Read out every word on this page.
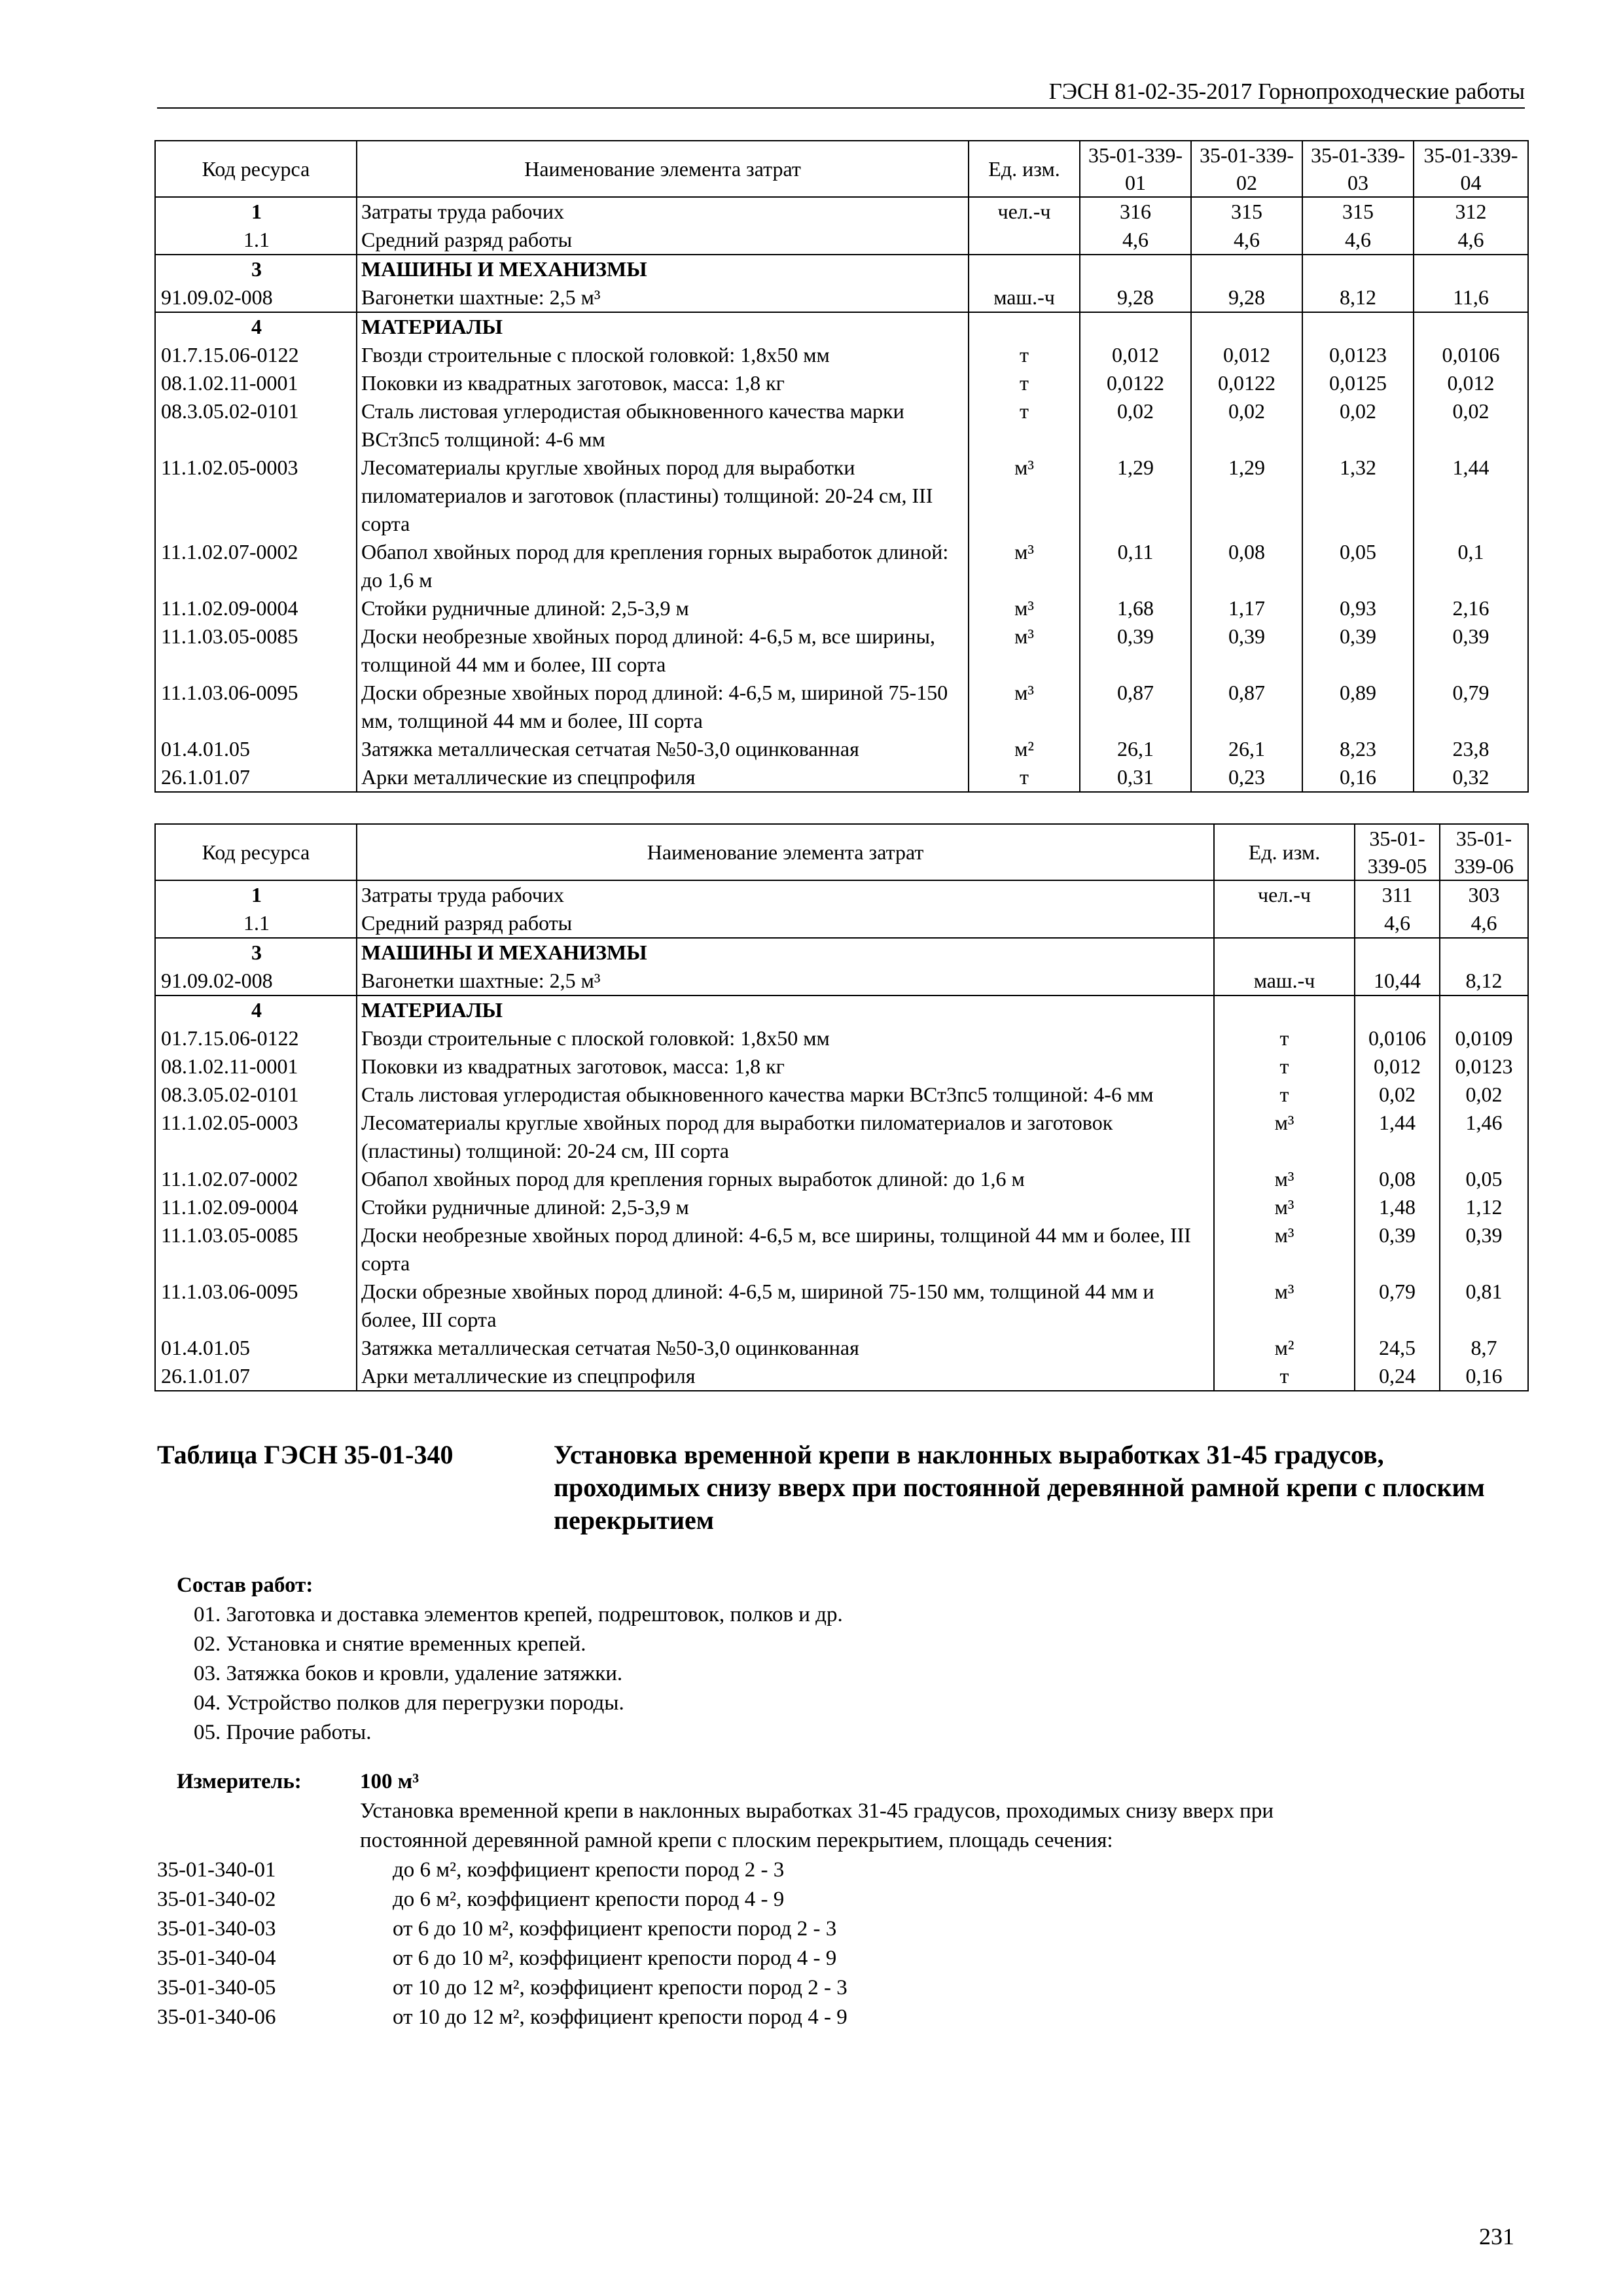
ГЭСН 81-02-35-2017 Горнопроходческие работы
Код ресурса	Наименование элемента затрат	Ед. изм.	35-01-339-01	35-01-339-02	35-01-339-03	35-01-339-04
1	Затраты труда рабочих	чел.-ч	316	315	315	312
1.1	Средний разряд работы		4,6	4,6	4,6	4,6
3	МАШИНЫ И МЕХАНИЗМЫ					
91.09.02-008	Вагонетки шахтные: 2,5 м³	маш.-ч	9,28	9,28	8,12	11,6
4	МАТЕРИАЛЫ					
01.7.15.06-0122	Гвозди строительные с плоской головкой: 1,8x50 мм	т	0,012	0,012	0,0123	0,0106
08.1.02.11-0001	Поковки из квадратных заготовок, масса: 1,8 кг	т	0,0122	0,0122	0,0125	0,012
08.3.05.02-0101	Сталь листовая углеродистая обыкновенного качества марки ВСт3пс5 толщиной: 4-6 мм	т	0,02	0,02	0,02	0,02
11.1.02.05-0003	Лесоматериалы круглые хвойных пород для выработки пиломатериалов и заготовок (пластины) толщиной: 20-24 см, III сорта	м³	1,29	1,29	1,32	1,44
11.1.02.07-0002	Обапол хвойных пород для крепления горных выработок длиной: до 1,6 м	м³	0,11	0,08	0,05	0,1
11.1.02.09-0004	Стойки рудничные длиной: 2,5-3,9 м	м³	1,68	1,17	0,93	2,16
11.1.03.05-0085	Доски необрезные хвойных пород длиной: 4-6,5 м, все ширины, толщиной 44 мм и более, III сорта	м³	0,39	0,39	0,39	0,39
11.1.03.06-0095	Доски обрезные хвойных пород длиной: 4-6,5 м, шириной 75-150 мм, толщиной 44 мм и более, III сорта	м³	0,87	0,87	0,89	0,79
01.4.01.05	Затяжка металлическая сетчатая №50-3,0 оцинкованная	м²	26,1	26,1	8,23	23,8
26.1.01.07	Арки металлические из спецпрофиля	т	0,31	0,23	0,16	0,32
Код ресурса	Наименование элемента затрат	Ед. изм.	35-01-339-05	35-01-339-06
1	Затраты труда рабочих	чел.-ч	311	303
1.1	Средний разряд работы		4,6	4,6
3	МАШИНЫ И МЕХАНИЗМЫ			
91.09.02-008	Вагонетки шахтные: 2,5 м³	маш.-ч	10,44	8,12
4	МАТЕРИАЛЫ			
01.7.15.06-0122	Гвозди строительные с плоской головкой: 1,8x50 мм	т	0,0106	0,0109
08.1.02.11-0001	Поковки из квадратных заготовок, масса: 1,8 кг	т	0,012	0,0123
08.3.05.02-0101	Сталь листовая углеродистая обыкновенного качества марки ВСт3пс5 толщиной: 4-6 мм	т	0,02	0,02
11.1.02.05-0003	Лесоматериалы круглые хвойных пород для выработки пиломатериалов и заготовок (пластины) толщиной: 20-24 см, III сорта	м³	1,44	1,46
11.1.02.07-0002	Обапол хвойных пород для крепления горных выработок длиной: до 1,6 м	м³	0,08	0,05
11.1.02.09-0004	Стойки рудничные длиной: 2,5-3,9 м	м³	1,48	1,12
11.1.03.05-0085	Доски необрезные хвойных пород длиной: 4-6,5 м, все ширины, толщиной 44 мм и более, III сорта	м³	0,39	0,39
11.1.03.06-0095	Доски обрезные хвойных пород длиной: 4-6,5 м, шириной 75-150 мм, толщиной 44 мм и более, III сорта	м³	0,79	0,81
01.4.01.05	Затяжка металлическая сетчатая №50-3,0 оцинкованная	м²	24,5	8,7
26.1.01.07	Арки металлические из спецпрофиля	т	0,24	0,16
Таблица ГЭСН 35-01-340	Установка временной крепи в наклонных выработках 31-45 градусов, проходимых снизу вверх при постоянной деревянной рамной крепи с плоским перекрытием
Состав работ:
01. Заготовка и доставка элементов крепей, подрештовок, полков и др.
02. Установка и снятие временных крепей.
03. Затяжка боков и кровли, удаление затяжки.
04. Устройство полков для перегрузки породы.
05. Прочие работы.
Измеритель:	100 м³
Установка временной крепи в наклонных выработках 31-45 градусов, проходимых снизу вверх при
постоянной деревянной рамной крепи с плоским перекрытием, площадь сечения:
35-01-340-01	до 6 м², коэффициент крепости пород 2 - 3
35-01-340-02	до 6 м², коэффициент крепости пород 4 - 9
35-01-340-03	от 6 до 10 м², коэффициент крепости пород 2 - 3
35-01-340-04	от 6 до 10 м², коэффициент крепости пород 4 - 9
35-01-340-05	от 10 до 12 м², коэффициент крепости пород 2 - 3
35-01-340-06	от 10 до 12 м², коэффициент крепости пород 4 - 9
231
